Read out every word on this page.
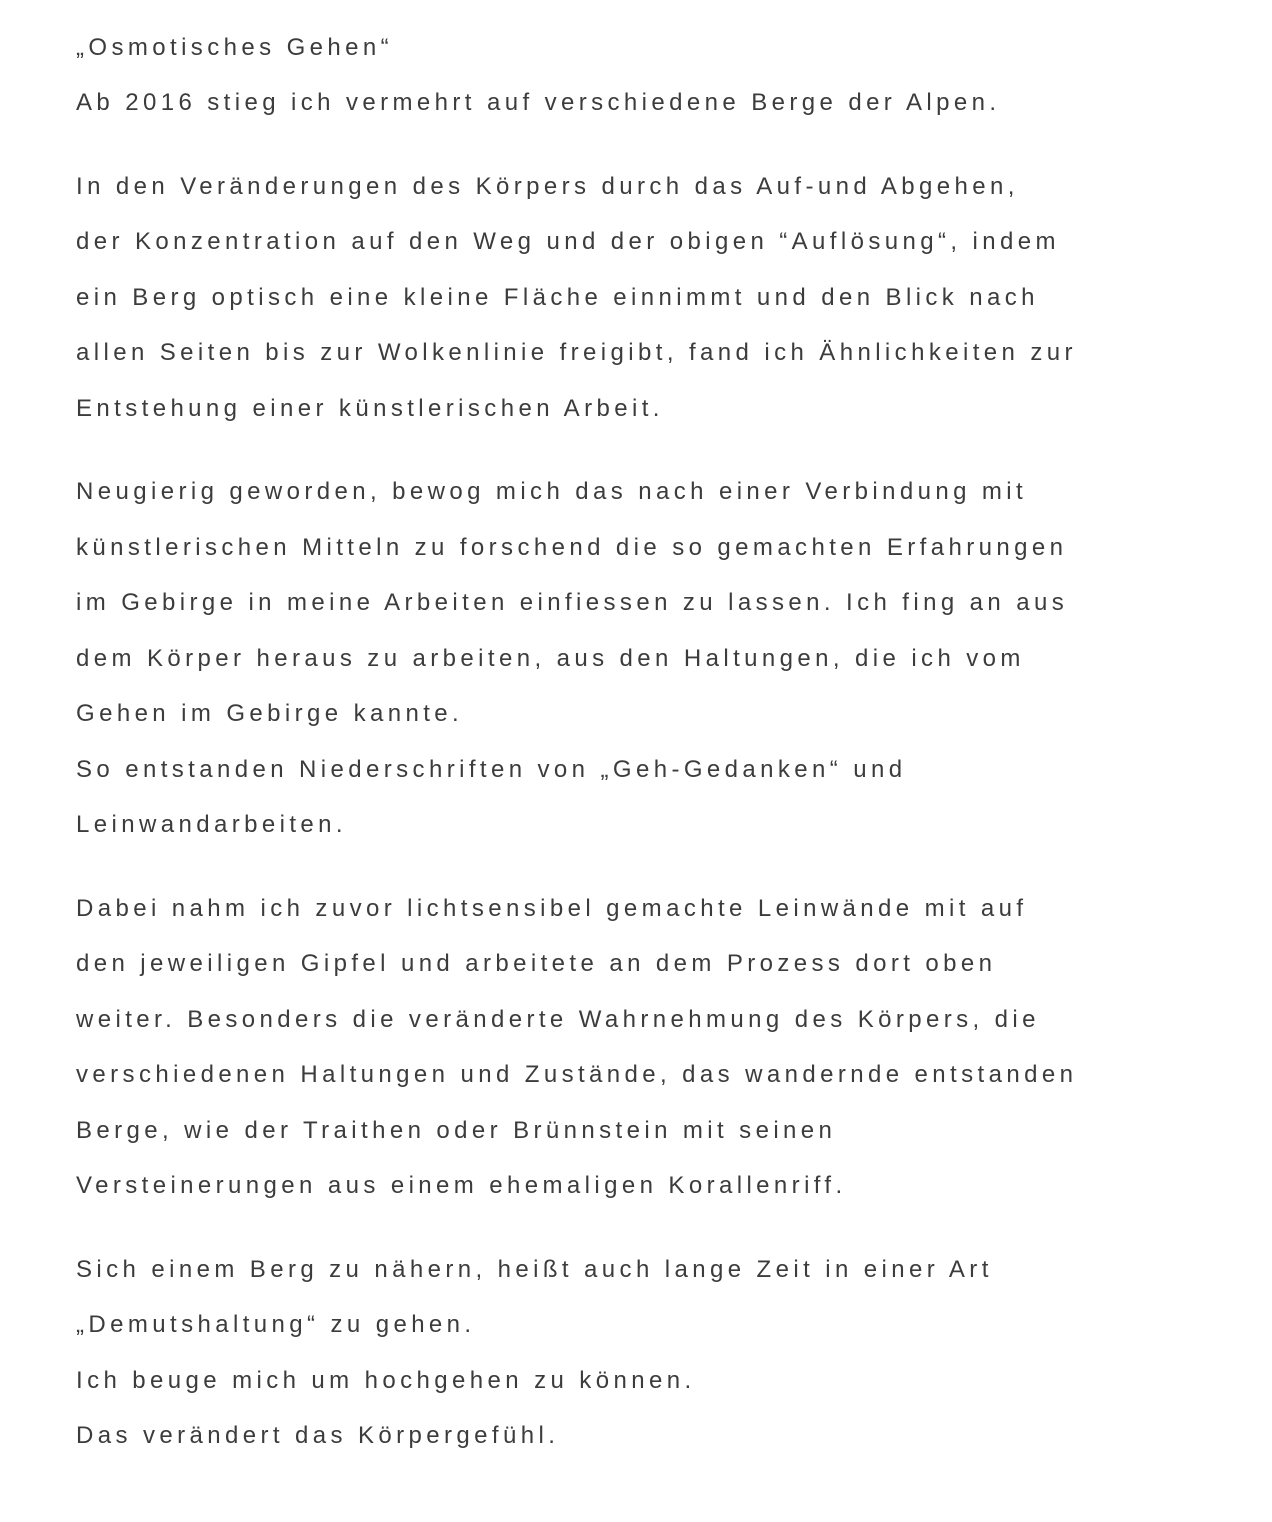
„Osmotisches Gehen“
Ab 2016 stieg ich vermehrt auf verschiedene Berge der Alpen.
In den Veränderungen des Körpers durch das Auf-und Abgehen,
der Konzentration auf den Weg und der obigen “Auflösung“, indem
ein Berg optisch eine kleine Fläche einnimmt und den Blick nach
allen Seiten bis zur Wolkenlinie freigibt, fand ich Ähnlichkeiten zur
Entstehung einer künstlerischen Arbeit.
Neugierig geworden, bewog mich das nach einer Verbindung mit
künstlerischen Mitteln zu forschend die so gemachten Erfahrungen
im Gebirge in meine Arbeiten einfiessen zu lassen. Ich fing an aus
dem Körper heraus zu arbeiten, aus den Haltungen, die ich vom
Gehen im Gebirge kannte.
So entstanden Niederschriften von „Geh-Gedanken“ und
Leinwandarbeiten.
Dabei nahm ich zuvor lichtsensibel gemachte Leinwände mit auf
den jeweiligen Gipfel und arbeitete an dem Prozess dort oben
weiter. Besonders die veränderte Wahrnehmung des Körpers, die
verschiedenen Haltungen und Zustände, das wandernde entstanden
Berge, wie der Traithen oder Brünnstein mit seinen
Versteinerungen aus einem ehemaligen Korallenriff.
Sich einem Berg zu nähern, heißt auch lange Zeit in einer Art
„Demutshaltung“ zu gehen.
Ich beuge mich um hochgehen zu können.
Das verändert das Körpergefühl.
